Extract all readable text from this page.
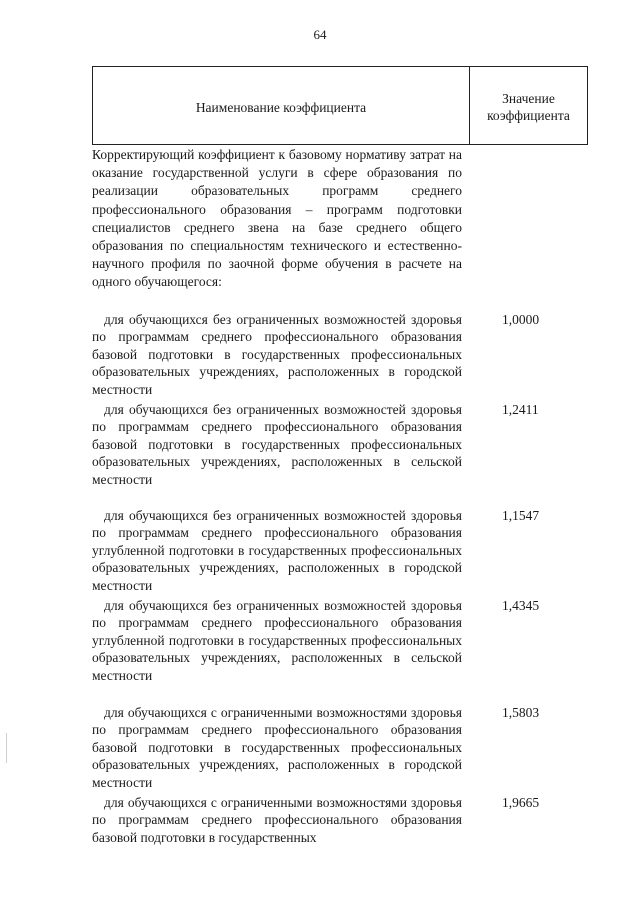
64
Наименование коэффициента
Значение
коэффициента
Корректирующий коэффициент к базовому нормативу затрат на оказание государственной услуги в сфере образования по реализации образовательных программ среднего профессионального образования – программ подготовки специалистов среднего звена на базе среднего общего образования по специальностям технического и естественно-научного профиля по заочной форме обучения в расчете на одного обучающегося:
для обучающихся без ограниченных возможностей здоровья по программам среднего профессионального образования базовой подготовки в государственных профессиональных образовательных учреждениях, расположенных в городской местности
1,0000
для обучающихся без ограниченных возможностей здоровья по программам среднего профессионального образования базовой подготовки в государственных профессиональных образовательных учреждениях, расположенных в сельской местности
1,2411
для обучающихся без ограниченных возможностей здоровья по программам среднего профессионального образования углубленной подготовки в государственных профессиональных образовательных учреждениях, расположенных в городской местности
1,1547
для обучающихся без ограниченных возможностей здоровья по программам среднего профессионального образования углубленной подготовки в государственных профессиональных образовательных учреждениях, расположенных в сельской местности
1,4345
для обучающихся с ограниченными возможностями здоровья по программам среднего профессионального образования базовой подготовки в государственных профессиональных образовательных учреждениях, расположенных в городской местности
1,5803
для обучающихся с ограниченными возможностями здоровья по программам среднего профессионального образования базовой подготовки в государственных
1,9665
